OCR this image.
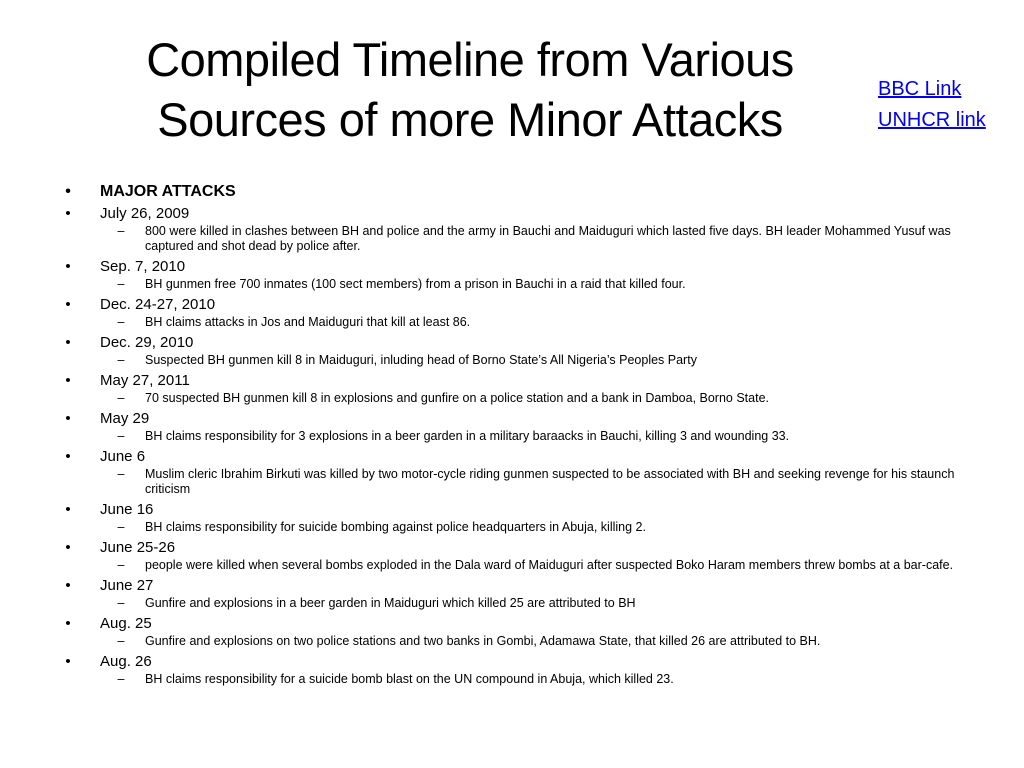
Compiled Timeline from Various
Sources of more Minor Attacks
BBC Link
UNHCR link
• MAJOR ATTACKS
• July 26, 2009
– 800 were killed in clashes between BH and police and the army in Bauchi and Maiduguri which lasted five days. BH leader Mohammed Yusuf was captured and shot dead by police after.
• Sep. 7, 2010
– BH gunmen free 700 inmates (100 sect members) from a prison in Bauchi in a raid that killed four.
• Dec. 24-27, 2010
– BH claims attacks in Jos and Maiduguri that kill at least 86.
• Dec. 29, 2010
– Suspected BH gunmen kill 8 in Maiduguri, inluding head of Borno State’s All Nigeria’s Peoples Party
• May 27, 2011
– 70 suspected BH gunmen kill 8 in explosions and gunfire on a police station and a bank in Damboa, Borno State.
• May 29
– BH claims responsibility for 3 explosions in a beer garden in a military baraacks in Bauchi, killing 3 and wounding 33.
• June 6
– Muslim cleric Ibrahim Birkuti was killed by two motor-cycle riding gunmen suspected to be associated with BH and seeking revenge for his staunch criticism
• June 16
– BH claims responsibility for suicide bombing against police headquarters in Abuja, killing 2.
• June 25-26
– people were killed when several bombs exploded in the Dala ward of Maiduguri after suspected Boko Haram members threw bombs at a bar-cafe.
• June 27
– Gunfire and explosions in a beer garden in Maiduguri which killed 25 are attributed to BH
• Aug. 25
– Gunfire and explosions on two police stations and two banks in Gombi, Adamawa State, that killed 26 are attributed to BH.
• Aug. 26
– BH claims responsibility for a suicide bomb blast on the UN compound in Abuja, which killed 23.
